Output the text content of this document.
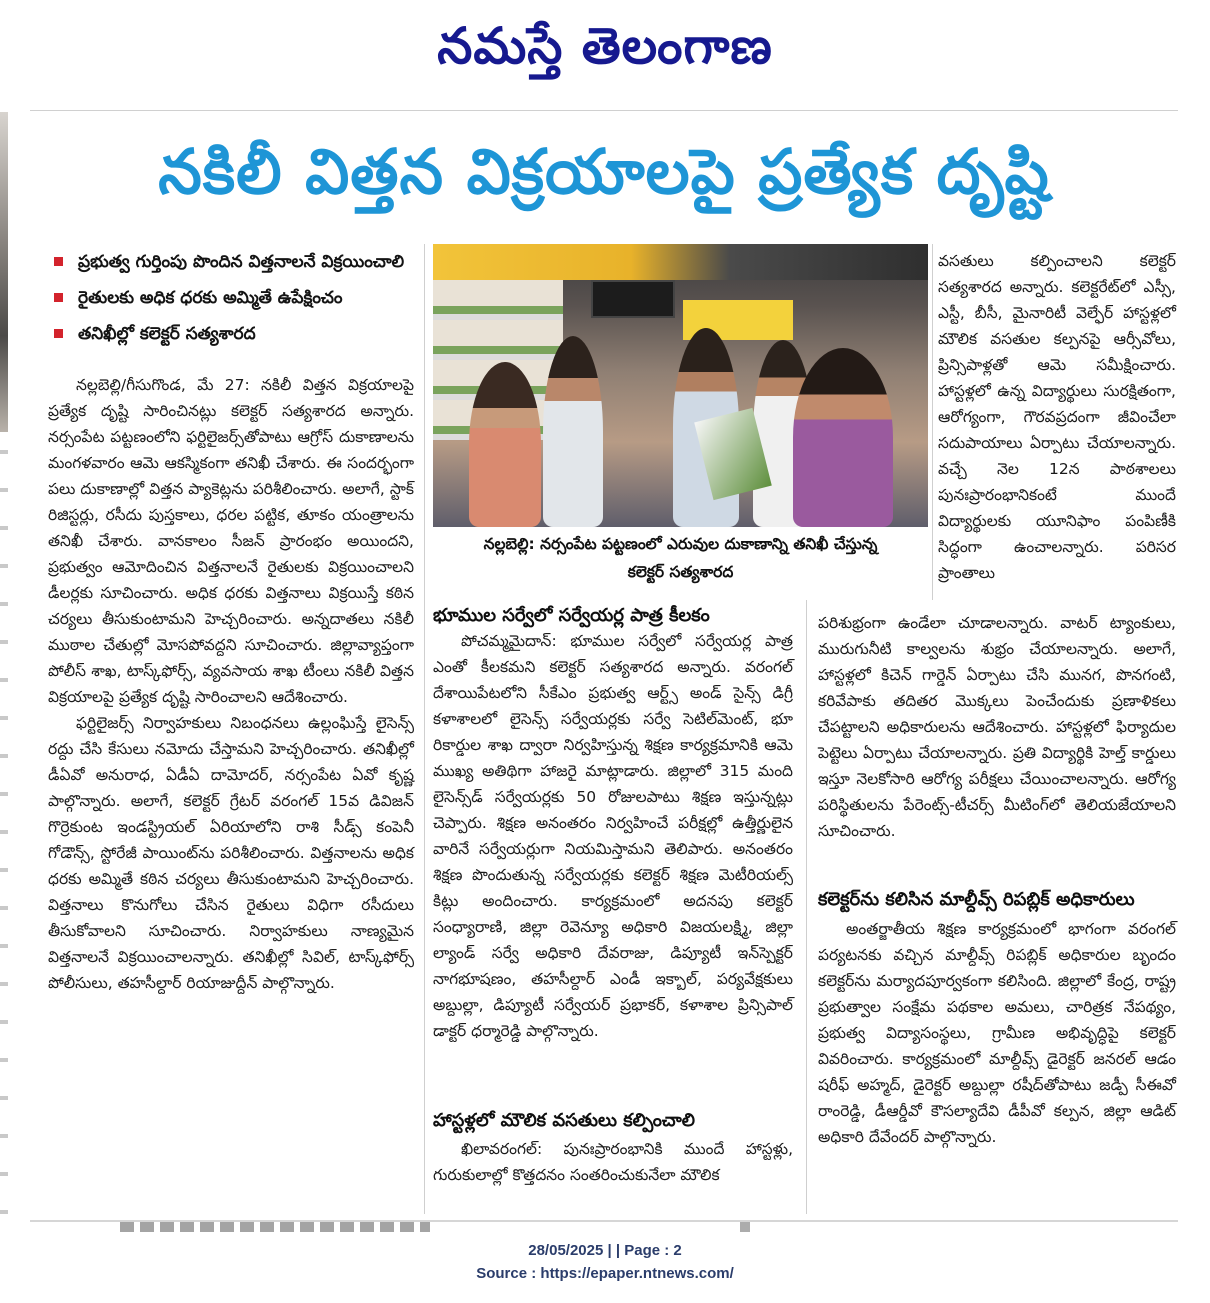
నమస్తే తెలంగాణ
నకిలీ విత్తన విక్రయాలపై ప్రత్యేక దృష్టి
ప్రభుత్వ గుర్తింపు పొందిన విత్తనాలనే విక్రయించాలి
రైతులకు అధిక ధరకు అమ్మితే ఉపేక్షించం
తనిఖీల్లో కలెక్టర్ సత్యశారద

నల్లబెల్లి/గీసుగొండ, మే 27: నకిలీ విత్తన విక్రయాలపై ప్రత్యేక దృష్టి సారించినట్లు కలెక్టర్ సత్యశారద అన్నారు. నర్సంపేట పట్టణంలోని ఫర్టిలైజర్స్‌తోపాటు ఆగ్రోస్ దుకాణాలను మంగళవారం ఆమె ఆకస్మికంగా తనిఖీ చేశారు. ఈ సందర్భంగా పలు దుకాణాల్లో విత్తన ప్యాకెట్లను పరిశీలించారు. అలాగే, స్టాక్ రిజిస్టర్లు, రసీదు పుస్తకాలు, ధరల పట్టిక, తూకం యంత్రాలను తనిఖీ చేశారు. వానకాలం సీజన్ ప్రారంభం అయిందని, ప్రభుత్వం ఆమోదించిన విత్తనాలనే రైతులకు విక్రయించాలని డీలర్లకు సూచించారు. అధిక ధరకు విత్తనాలు విక్రయిస్తే కఠిన చర్యలు తీసుకుంటామని హెచ్చరించారు. అన్నదాతలు నకిలీ ముఠాల చేతుల్లో మోసపోవద్దని సూచించారు. జిల్లావ్యాప్తంగా పోలీస్ శాఖ, టాస్క్‌ఫోర్స్, వ్యవసాయ శాఖ టీంలు నకిలీ విత్తన విక్రయాలపై ప్రత్యేక దృష్టి సారించాలని ఆదేశించారు.

ఫర్టిలైజర్స్ నిర్వాహకులు నిబంధనలు ఉల్లంఘిస్తే లైసెన్స్ రద్దు చేసి కేసులు నమోదు చేస్తామని హెచ్చరించారు. తనిఖీల్లో డీఏవో అనురాధ, ఏడీఏ దామోదర్, నర్సంపేట ఏవో కృష్ణ పాల్గొన్నారు. అలాగే, కలెక్టర్ గ్రేటర్ వరంగల్ 15వ డివిజన్ గొర్రెకుంట ఇండస్ట్రియల్ ఏరియాలోని రాశి సీడ్స్ కంపెనీ గోడౌన్స్, స్టోరేజీ పాయింట్‌ను పరిశీలించారు. విత్తనాలను అధిక ధరకు అమ్మితే కఠిన చర్యలు తీసుకుంటామని హెచ్చరించారు. విత్తనాలు కొనుగోలు చేసిన రైతులు విధిగా రసీదులు తీసుకోవాలని సూచించారు. నిర్వాహకులు నాణ్యమైన విత్తనాలనే విక్రయించాలన్నారు. తనిఖీల్లో సివిల్, టాస్క్‌ఫోర్స్ పోలీసులు, తహసీల్దార్ రియాజుద్దీన్ పాల్గొన్నారు.

నల్లబెల్లి: నర్సంపేట పట్టణంలో ఎరువుల దుకాణాన్ని తనిఖీ చేస్తున్న
కలెక్టర్ సత్యశారద

వసతులు కల్పించాలని కలెక్టర్ సత్యశారద అన్నారు. కలెక్టరేట్‌లో ఎస్సీ, ఎస్టీ, బీసీ, మైనారిటీ వెల్ఫేర్ హాస్టళ్లలో మౌలిక వసతుల కల్పనపై ఆర్సీవోలు, ప్రిన్సిపాళ్లతో ఆమె సమీక్షించారు. హాస్టళ్లలో ఉన్న విద్యార్థులు సురక్షితంగా, ఆరోగ్యంగా, గౌరవప్రదంగా జీవించేలా సదుపాయాలు ఏర్పాటు చేయాలన్నారు. వచ్చే నెల 12న పాఠశాలలు పునఃప్రారంభానికంటే ముందే విద్యార్థులకు యూనిఫాం పంపిణీకి సిద్ధంగా ఉంచాలన్నారు. పరిసర ప్రాంతాలు

భూముల సర్వేలో సర్వేయర్ల పాత్ర కీలకం

పోచమ్మమైదాన్: భూముల సర్వేలో సర్వేయర్ల పాత్ర ఎంతో కీలకమని కలెక్టర్ సత్యశారద అన్నారు. వరంగల్ దేశాయిపేటలోని సీకేఎం ప్రభుత్వ ఆర్ట్స్ అండ్ సైన్స్ డిగ్రీ కళాశాలలో లైసెన్స్ సర్వేయర్లకు సర్వే సెటిల్‌మెంట్, భూ రికార్డుల శాఖ ద్వారా నిర్వహిస్తున్న శిక్షణ కార్యక్రమానికి ఆమె ముఖ్య అతిథిగా హాజరై మాట్లాడారు. జిల్లాలో 315 మంది లైసెన్స్‌డ్ సర్వేయర్లకు 50 రోజులపాటు శిక్షణ ఇస్తున్నట్లు చెప్పారు. శిక్షణ అనంతరం నిర్వహించే పరీక్షల్లో ఉత్తీర్ణులైన వారినే సర్వేయర్లుగా నియమిస్తామని తెలిపారు. అనంతరం శిక్షణ పొందుతున్న సర్వేయర్లకు కలెక్టర్ శిక్షణ మెటీరియల్స్ కిట్లు అందించారు. కార్యక్రమంలో అదనపు కలెక్టర్ సంధ్యారాణి, జిల్లా రెవెన్యూ అధికారి విజయలక్ష్మి, జిల్లా ల్యాండ్ సర్వే అధికారి దేవరాజు, డిప్యూటీ ఇన్‌స్పెక్టర్ నాగభూషణం, తహసీల్దార్ ఎండీ ఇక్బాల్, పర్యవేక్షకులు అబ్దుల్లా, డిప్యూటీ సర్వేయర్ ప్రభాకర్, కళాశాల ప్రిన్సిపాల్ డాక్టర్ ధర్మారెడ్డి పాల్గొన్నారు.

హాస్టళ్లలో మౌలిక వసతులు కల్పించాలి

ఖిలావరంగల్: పునఃప్రారంభానికి ముందే హాస్టళ్లు, గురుకులాల్లో కొత్తదనం సంతరించుకునేలా మౌలిక

పరిశుభ్రంగా ఉండేలా చూడాలన్నారు. వాటర్ ట్యాంకులు, మురుగునీటి కాల్వలను శుభ్రం చేయాలన్నారు. అలాగే, హాస్టళ్లలో కిచెన్ గార్డెన్ ఏర్పాటు చేసి మునగ, పొనగంటి, కరివేపాకు తదితర మొక్కలు పెంచేందుకు ప్రణాళికలు చేపట్టాలని అధికారులను ఆదేశించారు. హాస్టళ్లలో ఫిర్యాదుల పెట్టెలు ఏర్పాటు చేయాలన్నారు. ప్రతి విద్యార్థికి హెల్త్ కార్డులు ఇస్తూ నెలకోసారి ఆరోగ్య పరీక్షలు చేయించాలన్నారు. ఆరోగ్య పరిస్థితులను పేరెంట్స్-టీచర్స్ మీటింగ్‌లో తెలియజేయాలని సూచించారు.

కలెక్టర్‌ను కలిసిన మాల్దీవ్స్ రిపబ్లిక్ అధికారులు

అంతర్జాతీయ శిక్షణ కార్యక్రమంలో భాగంగా వరంగల్ పర్యటనకు వచ్చిన మాల్దీవ్స్ రిపబ్లిక్ అధికారుల బృందం కలెక్టర్‌ను మర్యాదపూర్వకంగా కలిసింది. జిల్లాలో కేంద్ర, రాష్ట్ర ప్రభుత్వాల సంక్షేమ పథకాల అమలు, చారిత్రక నేపథ్యం, ప్రభుత్వ విద్యాసంస్థలు, గ్రామీణ అభివృద్ధిపై కలెక్టర్ వివరించారు. కార్యక్రమంలో మాల్దీవ్స్ డైరెక్టర్ జనరల్ ఆడం షరీఫ్ అహ్మద్, డైరెక్టర్ అబ్దుల్లా రషీద్‌తోపాటు జడ్పీ సీఈవో రాంరెడ్డి, డీఆర్డీవో కౌసల్యాదేవి డీపీవో కల్పన, జిల్లా ఆడిట్ అధికారి దేవేందర్ పాల్గొన్నారు.

28/05/2025 | | Page : 2
Source : https://epaper.ntnews.com/
